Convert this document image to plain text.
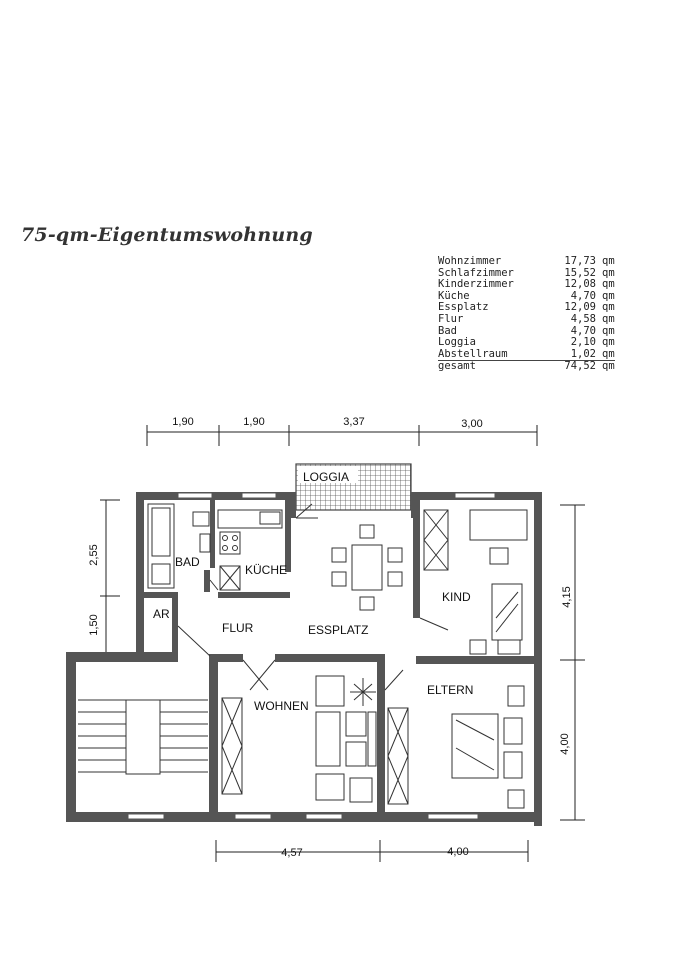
75-qm-Eigentumswohnung
Wohnzimmer	17,73	qm
Schlafzimmer	15,52	qm
Kinderzimmer	12,08	qm
Küche	4,70	qm
Essplatz	12,09	qm
Flur	4,58	qm
Bad	4,70	qm
Loggia	2,10	qm
Abstellraum	1,02	qm
gesamt	74,52	qm
1,90	1,90	3,37	3,00
2,55
1,50
4,15
4,00
4,57	4,00
LOGGIA
BAD
KÜCHE
AR
FLUR	ESSPLATZ
KIND
WOHNEN
ELTERN
